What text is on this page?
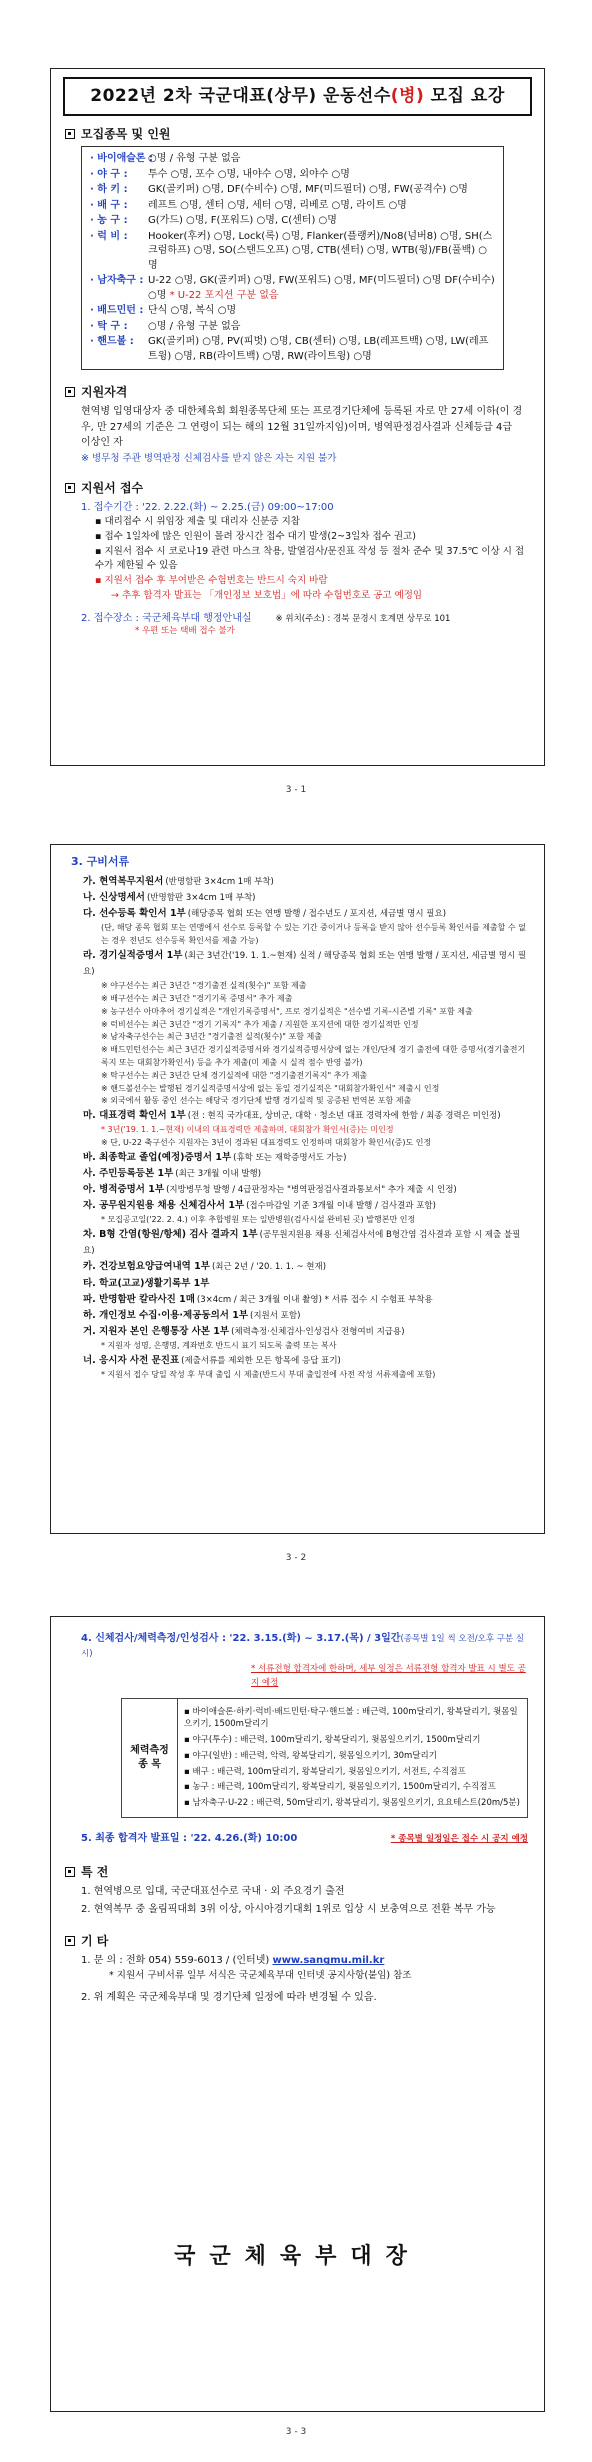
2022년 2차 국군대표(상무) 운동선수(병) 모집 요강
모집종목 및 인원
· 바이애슬론 :
○명 / 유형 구분 없음
· 야 구 :	투수 ○명, 포수 ○명, 내야수 ○명, 외야수 ○명
· 하 키 :	GK(골키퍼) ○명, DF(수비수) ○명, MF(미드필더) ○명, FW(공격수) ○명
· 배 구 :	레프트 ○명, 센터 ○명, 세터 ○명, 리베로 ○명, 라이트 ○명
· 농 구 :	G(가드) ○명, F(포워드) ○명, C(센터) ○명
· 럭 비 :	Hooker(후커) ○명, Lock(록) ○명, Flanker(플랭커)/No8(넘버8) ○명, SH(스크럼하프) ○명, SO(스탠드오프) ○명, CTB(센터) ○명, WTB(윙)/FB(풀백) ○명
· 남자축구 : U-22 ○명, GK(골키퍼) ○명, FW(포워드) ○명, MF(미드필더) ○명 DF(수비수) ○명 * U-22 포지션 구분 없음
· 배드민턴 : 단식 ○명, 복식 ○명
· 탁 구 :	○명 / 유형 구분 없음
· 핸드볼 :	GK(골키퍼) ○명, PV(피벗) ○명, CB(센터) ○명, LB(레프트백) ○명, LW(레프트윙) ○명, RB(라이트백) ○명, RW(라이트윙) ○명
지원자격
현역병 입영대상자 중 대한체육회 회원종목단체 또는 프로경기단체에 등록된 자로 만 27세 이하(이 경우, 만 27세의 기준은 그 연령이 되는 해의 12월 31일까지임)이며, 병역판정검사결과 신체등급 4급 이상인 자
※ 병무청 주관 병역판정 신체검사를 받지 않은 자는 지원 불가
지원서 접수
1. 접수기간 : '22. 2.22.(화) ~ 2.25.(금) 09:00~17:00
▪ 대리접수 시 위임장 제출 및 대리자 신분증 지참
▪ 접수 1일차에 많은 인원이 몰려 장시간 접수 대기 발생(2~3일차 접수 권고)
▪ 지원서 접수 시 코로나19 관련 마스크 착용, 발열검사/문진표 작성 등 절차 준수 및 37.5℃ 이상 시 접수가 제한될 수 있음
▪ 지원서 접수 후 부여받은 수험번호는 반드시 숙지 바람
→ 추후 합격자 발표는 「개인정보 보호법」에 따라 수험번호로 공고 예정임
2. 접수장소 : 국군체육부대 행정안내실	※ 위치(주소) : 경북 문경시 호계면 상무로 101
* 우편 또는 택배 접수 불가
3 - 1
3. 구비서류
가. 현역복무지원서 (반명함판 3×4cm 1매 부착)
나. 신상명세서 (반명함판 3×4cm 1매 부착)
다. 선수등록 확인서 1부 (해당종목 협회 또는 연맹 발행 / 접수년도 / 포지션, 세금별 명시 필요)
(단, 해당 종목 협회 또는 연맹에서 선수로 등록할 수 있는 기간 중이거나 등록을 받지 않아 선수등록 확인서를 제출할 수 없는 경우 전년도 선수등록 확인서를 제출 가능)
라. 경기실적증명서 1부 (최근 3년간('19. 1. 1.~현재) 실적 / 해당종목 협회 또는 연맹 발행 / 포지션, 세금별 명시 필요)
※ 야구선수는 최근 3년간 "경기출전 실적(횟수)" 포함 제출
※ 배구선수는 최근 3년간 "경기기록 증명서" 추가 제출
※ 농구선수 아마추어 경기실적은 "개인기록증명서", 프로 경기실적은 "선수별 기록-시즌별 기록" 포함 제출
※ 럭비선수는 최근 3년간 "경기 기록지" 추가 제출 / 지원한 포지션에 대한 경기실적만 인정
※ 남자축구선수는 최근 3년간 "경기출전 실적(횟수)" 포함 제출
※ 배드민턴선수는 최근 3년간 경기실적증명서와 경기실적증명서상에 없는 개인/단체 경기 출전에 대한 증명서(경기출전기록지 또는 대회참가확인서) 등을 추가 제출(미 제출 시 실적 점수 반영 불가)
※ 탁구선수는 최근 3년간 단체 경기실적에 대한 "경기출전기록지" 추가 제출
※ 핸드볼선수는 발행된 경기실적증명서상에 없는 동일 경기실적은 "대회참가확인서" 제출시 인정
※ 외국에서 활동 중인 선수는 해당국 경기단체 발행 경기실적 및 공증된 번역본 포함 제출
마. 대표경력 확인서 1부 (전 : 현직 국가대표, 상비군, 대학 · 청소년 대표 경력자에 한함 / 최종 경력은 미인정)
* 3년('19. 1. 1.~현재) 이내의 대표경력만 제출하며, 대회참가 확인서(증)는 미인정
※ 단, U-22 축구선수 지원자는 3년이 경과된 대표경력도 인정하며 대회참가 확인서(증)도 인정
바. 최종학교 졸업(예정)증명서 1부 (휴학 또는 재학증명서도 가능)
사. 주민등록등본 1부 (최근 3개월 이내 발행)
아. 병적증명서 1부 (지방병무청 발행 / 4급판정자는 "병역판정검사결과통보서" 추가 제출 시 인정)
자. 공무원지원용 채용 신체검사서 1부 (접수마감일 기준 3개월 이내 발행 / 검사결과 포함)
* 모집공고일('22. 2. 4.) 이후 추합병원 또는 일반병원(검사시설 완비된 곳) 발행본만 인정
차. B형 간염(항원/항체) 검사 결과지 1부 (공무원지원용 채용 신체검사서에 B형간염 검사결과 포함 시 제출 불필요)
카. 건강보험요양급여내역 1부 (최근 2년 / '20. 1. 1. ~ 현재)
타. 학교(고교)생활기록부 1부
파. 반명함판 칼라사진 1매 (3×4cm / 최근 3개월 이내 촬영) * 서류 접수 시 수험표 부착용
하. 개인정보 수집·이용·제공동의서 1부 (지원서 포함)
거. 지원자 본인 은행통장 사본 1부 (체력측정·신체검사·인성검사 전형여비 지급용)
* 지원자 성명, 은행명, 계좌번호 반드시 표기 되도록 출력 또는 복사
너. 응시자 사전 문진표 (제출서류를 제외한 모든 항목에 응답 표기)
* 지원서 접수 당일 작성 후 부대 출입 시 제출(반드시 부대 출입전에 사전 작성 서류제출에 포함)
3 - 2
4. 신체검사/체력측정/인성검사 : '22. 3.15.(화) ~ 3.17.(목) / 3일간(종목별 1일 씩 오전/오후 구분 실시)
* 서류전형 합격자에 한하며, 세부 일정은 서류전형 합격자 발표 시 별도 공지 예정
체력측정
종 목
▪ 바이애슬론·하키·럭비·배드민턴·탁구·핸드볼 : 배근력, 100m달리기, 왕복달리기, 윗몸일으키기, 1500m달리기
▪ 야구(투수) : 배근력, 100m달리기, 왕복달리기, 윗몸일으키기, 1500m달리기
▪ 야구(일반) : 배근력, 악력, 왕복달리기, 윗몸일으키기, 30m달리기
▪ 배구 : 배근력, 100m달리기, 왕복달리기, 윗몸일으키기, 서전트, 수직점프
▪ 농구 : 배근력, 100m달리기, 왕복달리기, 윗몸일으키기, 1500m달리기, 수직점프
▪ 남자축구·U-22 : 배근력, 50m달리기, 왕복달리기, 윗몸일으키기, 요요테스트(20m/5분)
5. 최종 합격자 발표일 : '22. 4.26.(화) 10:00	* 종목별 일정일은 접수 시 공지 예정
특 전
1. 현역병으로 입대, 국군대표선수로 국내 · 외 주요경기 출전
2. 현역복무 중 올림픽대회 3위 이상, 아시아경기대회 1위로 입상 시 보충역으로 전환 복무 가능
기 타
1. 문 의 : 전화 054) 559-6013 / (인터넷) www.sangmu.mil.kr
* 지원서 구비서류 일부 서식은 국군체육부대 인터넷 공지사항(붙임) 참조
2. 위 계획은 국군체육부대 및 경기단체 일정에 따라 변경될 수 있음.
국군체육부대장
3 - 3
